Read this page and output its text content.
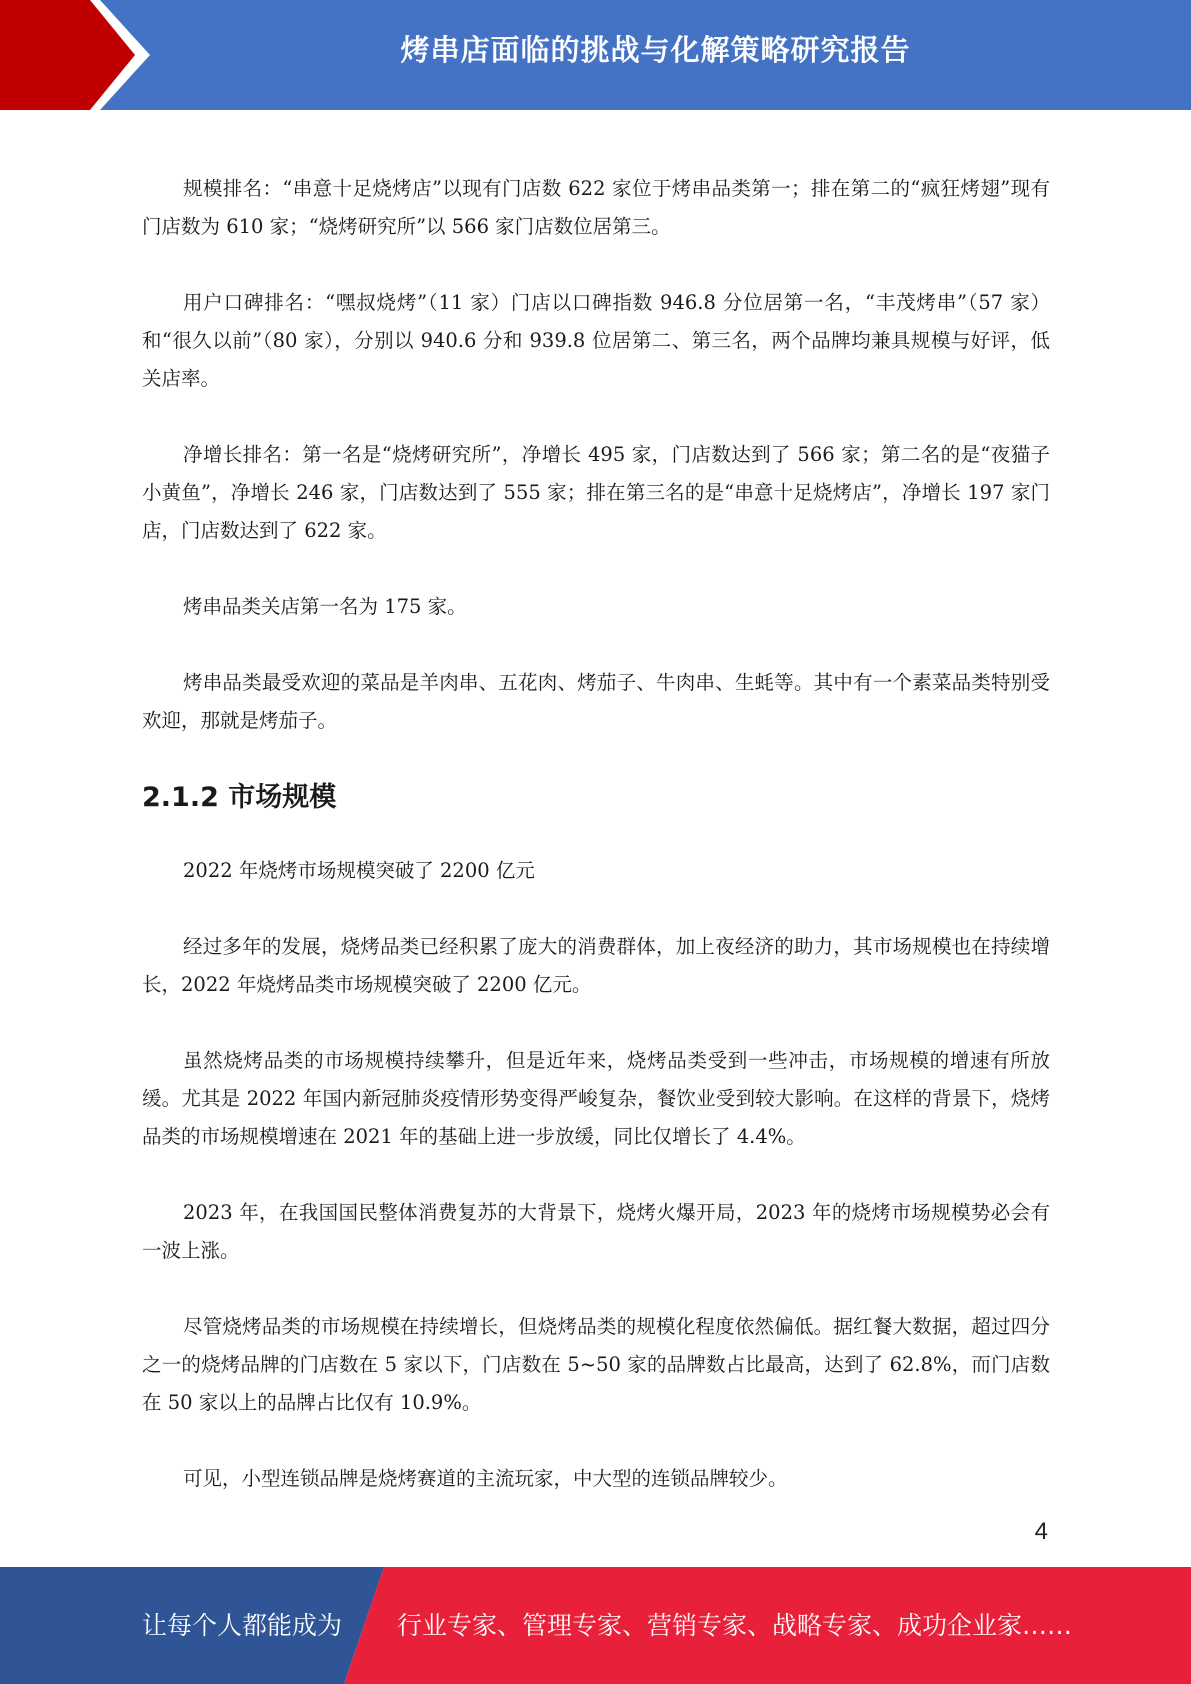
烤串店面临的挑战与化解策略研究报告

规模排名：“串意十足烧烤店”以现有门店数 622 家位于烤串品类第一；排在第二的“疯狂烤翅”现有门店数为 610 家；“烧烤研究所”以 566 家门店数位居第三。

用户口碑排名：“嘿叔烧烤”（11 家）门店以口碑指数 946.8 分位居第一名，“丰茂烤串”（57 家）和“很久以前”（80 家），分别以 940.6 分和 939.8 位居第二、第三名，两个品牌均兼具规模与好评，低关店率。

净增长排名：第一名是“烧烤研究所”，净增长 495 家，门店数达到了 566 家；第二名的是“夜猫子小黄鱼”，净增长 246 家，门店数达到了 555 家；排在第三名的是“串意十足烧烤店”，净增长 197 家门店，门店数达到了 622 家。

烤串品类关店第一名为 175 家。

烤串品类最受欢迎的菜品是羊肉串、五花肉、烤茄子、牛肉串、生蚝等。其中有一个素菜品类特别受欢迎，那就是烤茄子。

2.1.2 市场规模

2022 年烧烤市场规模突破了 2200 亿元

经过多年的发展，烧烤品类已经积累了庞大的消费群体，加上夜经济的助力，其市场规模也在持续增长，2022 年烧烤品类市场规模突破了 2200 亿元。

虽然烧烤品类的市场规模持续攀升，但是近年来，烧烤品类受到一些冲击，市场规模的增速有所放缓。尤其是 2022 年国内新冠肺炎疫情形势变得严峻复杂，餐饮业受到较大影响。在这样的背景下，烧烤品类的市场规模增速在 2021 年的基础上进一步放缓，同比仅增长了 4.4%。

2023 年，在我国国民整体消费复苏的大背景下，烧烤火爆开局，2023 年的烧烤市场规模势必会有一波上涨。

尽管烧烤品类的市场规模在持续增长，但烧烤品类的规模化程度依然偏低。据红餐大数据，超过四分之一的烧烤品牌的门店数在 5 家以下，门店数在 5~50 家的品牌数占比最高，达到了 62.8%，而门店数在 50 家以上的品牌占比仅有 10.9%。

可见，小型连锁品牌是烧烤赛道的主流玩家，中大型的连锁品牌较少。

4
让每个人都能成为 行业专家、管理专家、营销专家、战略专家、成功企业家……
